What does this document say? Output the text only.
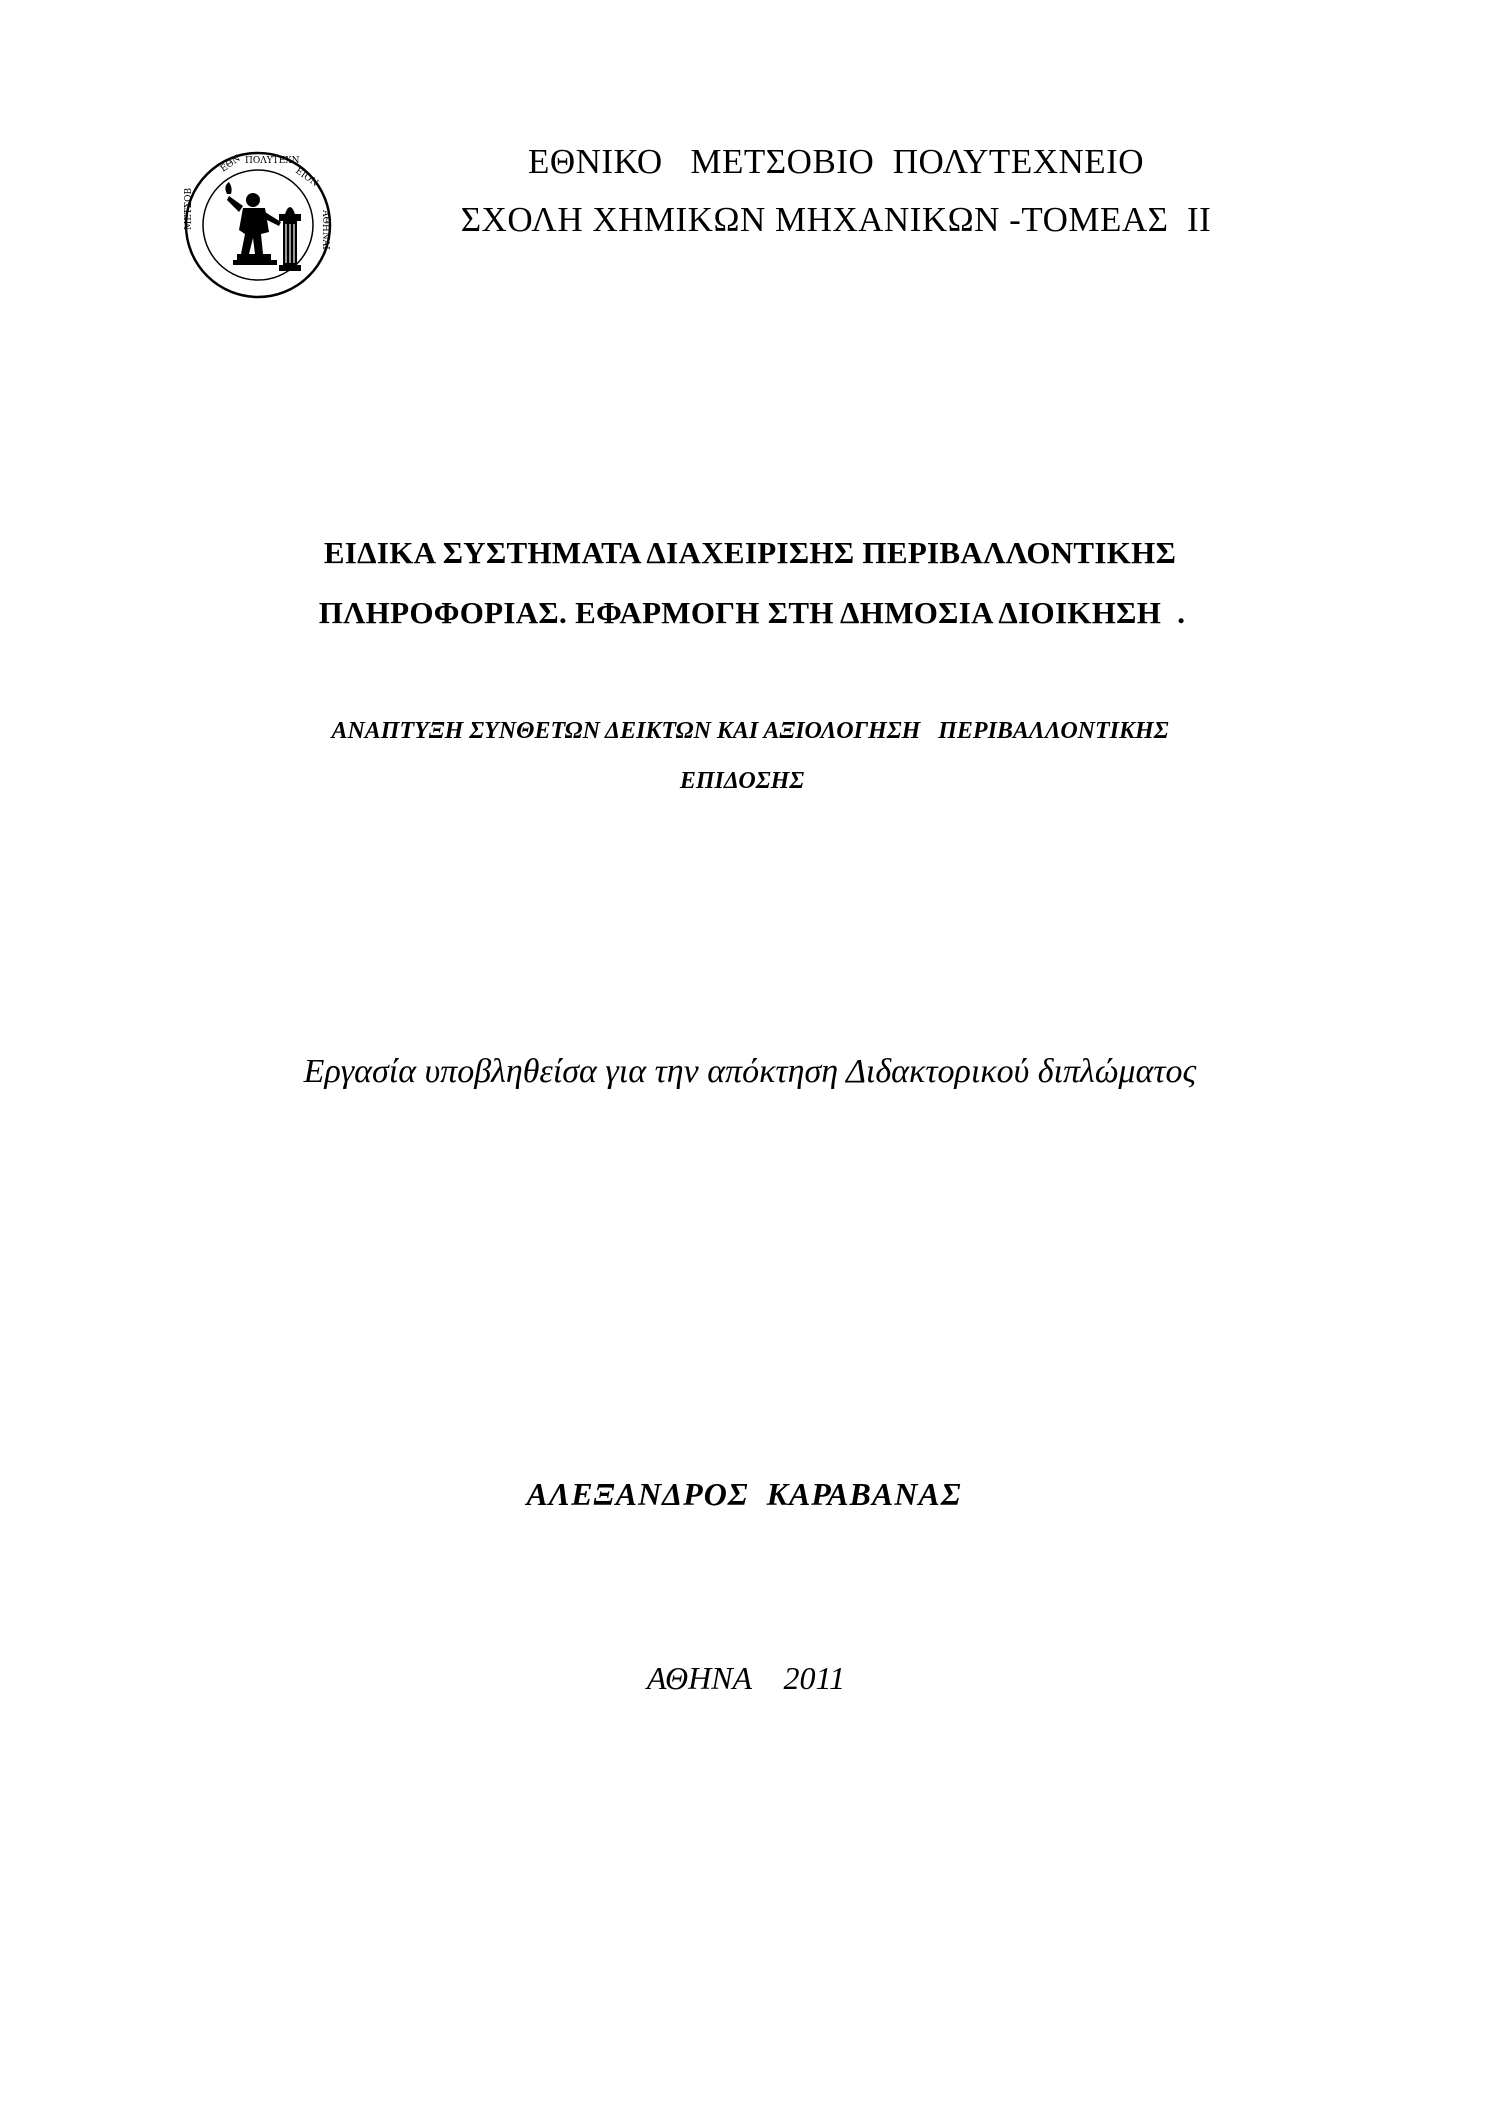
ΕΘΝ ΠΟΛΥΤΕΧΝ
ΕΙΟΝ
ΜΕΤΣΟΒ	ΑΘΗΝΑΙ
ΕΘΝΙΚΟ   ΜΕΤΣΟΒΙΟ  ΠΟΛΥΤΕΧΝΕΙΟ
ΣΧΟΛΗ ΧΗΜΙΚΩΝ ΜΗΧΑΝΙΚΩΝ -ΤΟΜΕΑΣ  II
ΕΙΔΙΚΑ ΣΥΣΤΗΜΑΤΑ ΔΙΑΧΕΙΡΙΣΗΣ ΠΕΡΙΒΑΛΛΟΝΤΙΚΗΣ
ΠΛΗΡΟΦΟΡΙΑΣ. ΕΦΑΡΜΟΓΗ ΣΤΗ ΔΗΜΟΣΙΑ ΔΙΟΙΚΗΣΗ  .
ΑΝΑΠΤΥΞΗ ΣΥΝΘΕΤΩΝ ΔΕΙΚΤΩΝ ΚΑΙ ΑΞΙΟΛΟΓΗΣΗ   ΠΕΡΙΒΑΛΛΟΝΤΙΚΗΣ
ΕΠΙΔΟΣΗΣ
Εργασία υποβληθείσα για την απόκτηση Διδακτορικού διπλώματος
ΑΛΕΞΑΝΔΡΟΣ  ΚΑΡΑΒΑΝΑΣ
ΑΘΗΝΑ    2011
